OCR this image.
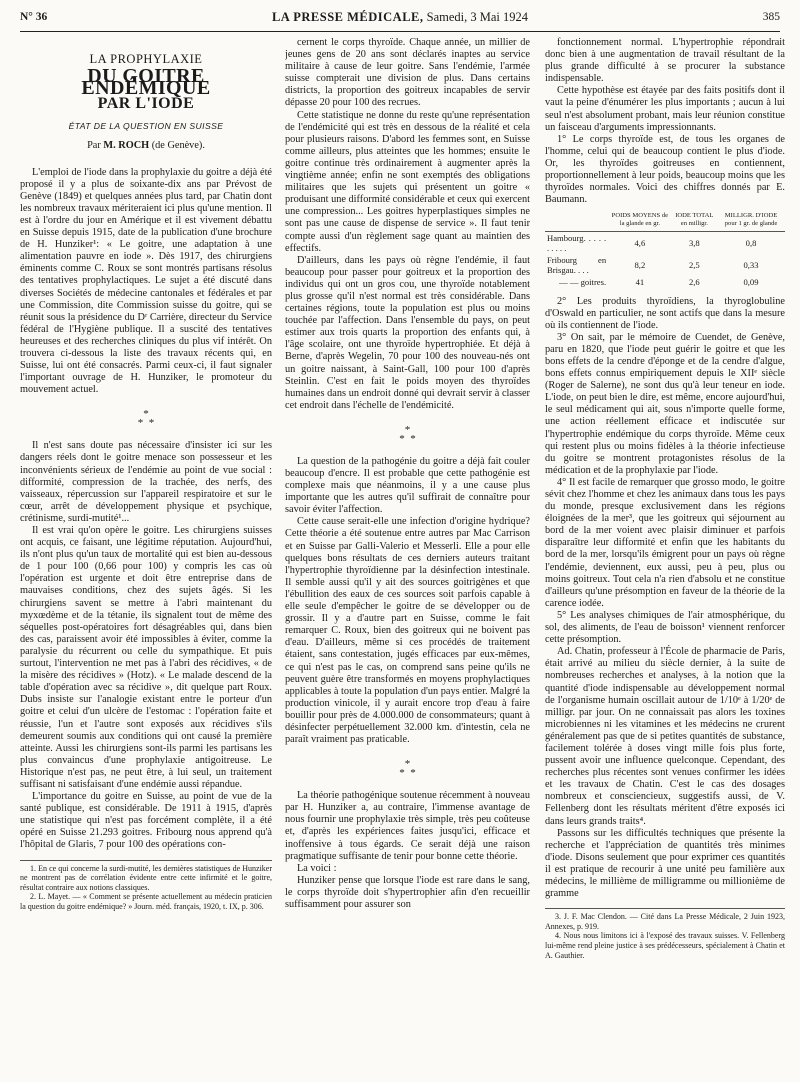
N° 36	LA PRESSE MÉDICALE, Samedi, 3 Mai 1924	385
LA PROPHYLAXIE
DU GOITRE ENDÉMIQUE
PAR L'IODE
ÉTAT DE LA QUESTION EN SUISSE
Par M. ROCH (de Genève).

L'emploi de l'iode dans la prophylaxie du goitre a déjà été proposé il y a plus de soixante-dix ans par Prévost de Genève (1849) et quelques années plus tard, par Chatin dont les nombreux travaux mériteraient ici plus qu'une mention. Il est à l'ordre du jour en Amérique et il est vivement débattu en Suisse depuis 1915, date de la publication d'une brochure de H. Hunziker¹: « Le goitre, une adaptation à une alimentation pauvre en iode ». Dès 1917, des chirurgiens éminents comme C. Roux se sont montrés partisans résolus des tentatives prophylactiques. Le sujet a été discuté dans diverses Sociétés de médecine cantonales et fédérales et par une Commission, dite Commission suisse du goitre, qui se réunit sous la présidence du Dʳ Carrière, directeur du Service fédéral de l'Hygiène publique. Il a suscité des tentatives heureuses et des recherches cliniques du plus vif intérêt. On trouvera ci-dessous la liste des travaux récents qui, en Suisse, lui ont été consacrés. Parmi ceux-ci, il faut signaler l'important ouvrage de H. Hunziker, le promoteur du mouvement actuel.

*
* *

Il n'est sans doute pas nécessaire d'insister ici sur les dangers réels dont le goitre menace son possesseur et les inconvénients sérieux de l'endémie au point de vue social : difformité, compression de la trachée, des nerfs, des vaisseaux, répercussion sur l'appareil respiratoire et sur le cœur, arrêt de développement physique et psychique, crétinisme, surdi-mutité¹...

Il est vrai qu'on opère le goitre. Les chirurgiens suisses ont acquis, ce faisant, une légitime réputation. Aujourd'hui, ils n'ont plus qu'un taux de mortalité qui est bien au-dessous de 1 pour 100 (0,66 pour 100) y compris les cas où l'opération est urgente et doit être entreprise dans de mauvaises conditions, chez des sujets âgés. Si les chirurgiens savent se mettre à l'abri maintenant du myxœdème et de la tétanie, ils signalent tout de même des séquelles post-opératoires fort désagréables qui, dans bien des cas, paraissent avoir été impossibles à éviter, comme la paralysie du récurrent ou celle du sympathique. Et puis surtout, l'intervention ne met pas à l'abri des récidives, « de la misère des récidives » (Hotz). « Le malade descend de la table d'opération avec sa récidive », dit quelque part Roux. Dubs insiste sur l'analogie existant entre le porteur d'un goitre et celui d'un ulcère de l'estomac : l'opération faite et réussie, l'un et l'autre sont exposés aux récidives s'ils demeurent soumis aux conditions qui ont causé la première atteinte. Aussi les chirurgiens sont-ils parmi les partisans les plus convaincus d'une prophylaxie antigoitreuse. Le Historique n'est pas, ne peut être, à lui seul, un traitement suffisant ni satisfaisant d'une endémie aussi répandue.

L'importance du goitre en Suisse, au point de vue de la santé publique, est considérable. De 1911 à 1915, d'après une statistique qui n'est pas forcément complète, il a été opéré en Suisse 21.293 goitres. Fribourg nous apprend qu'à l'hôpital de Glaris, 7 pour 100 des opérations con-

1. En ce qui concerne la surdi-mutité, les dernières statistiques de Hunziker ne montrent pas de corrélation évidente entre cette infirmité et le goitre, résultat contraire aux notions classiques.

2. L. Mayet. — « Comment se présente actuellement au médecin praticien la question du goitre endémique? » Journ. méd. français, 1920, t. IX, p. 306.

cernent le corps thyroïde. Chaque année, un millier de jeunes gens de 20 ans sont déclarés inaptes au service militaire à cause de leur goitre. Sans l'endémie, l'armée suisse compterait une division de plus. Dans certains districts, la proportion des goitreux incapables de servir dépasse 20 pour 100 des recrues.

Cette statistique ne donne du reste qu'une représentation de l'endémicité qui est très en dessous de la réalité et cela pour plusieurs raisons. D'abord les femmes sont, en Suisse comme ailleurs, plus atteintes que les hommes; ensuite le goitre continue très ordinairement à augmenter après la vingtième année; enfin ne sont exemptés des obligations militaires que les sujets qui présentent un goitre « produisant une difformité considérable et ceux qui exercent une compression... Les goitres hyperplastiques simples ne sont pas une cause de dispense de service ». Il faut tenir compte aussi d'un règlement sage quant au maintien des effectifs.

D'ailleurs, dans les pays où règne l'endémie, il faut beaucoup pour passer pour goitreux et la proportion des individus qui ont un gros cou, une thyroïde notablement plus grosse qu'il n'est normal est très considérable. Dans certaines régions, toute la population est plus ou moins touchée par l'affection. Dans l'ensemble du pays, on peut estimer aux trois quarts la proportion des enfants qui, à l'âge scolaire, ont une thyroïde hypertrophiée. Et déjà à Berne, d'après Wegelin, 70 pour 100 des nouveau-nés ont un goitre naissant, à Saint-Gall, 100 pour 100 d'après Steinlin. C'est en fait le poids moyen des thyroïdes humaines dans un endroit donné qui devrait servir à classer cet endroit dans l'échelle de l'endémicité.

*
* *

La question de la pathogénie du goitre a déjà fait couler beaucoup d'encre. Il est probable que cette pathogénie est complexe mais que néanmoins, il y a une cause plus importante que les autres qu'il suffirait de connaître pour savoir éviter l'affection.

Cette cause serait-elle une infection d'origine hydrique? Cette théorie a été soutenue entre autres par Mac Carrison et en Suisse par Galli-Valerio et Messerli. Elle a pour elle quelques bons résultats de ces derniers auteurs traitant l'hypertrophie thyroïdienne par la désinfection intestinale. Il semble aussi qu'il y ait des sources goitrigènes et que l'ébullition des eaux de ces sources soit parfois capable à elle seule d'empêcher le goitre de se développer ou de grossir. Il y a d'autre part en Suisse, comme le fait remarquer C. Roux, bien des goitreux qui ne boivent pas d'eau. D'ailleurs, même si ces procédés de traitement étaient, sans contestation, jugés efficaces par eux-mêmes, ce qui n'est pas le cas, on comprend sans peine qu'ils ne peuvent guère être transformés en moyens prophylactiques applicables à toute la population d'un pays entier. Malgré la production vinicole, il y aurait encore trop d'eau à faire bouillir pour près de 4.000.000 de consommateurs; quant à désinfecter perpétuellement 32.000 km. d'intestin, cela ne paraît vraiment pas praticable.

*
* *

La théorie pathogénique soutenue récemment à nouveau par H. Hunziker a, au contraire, l'immense avantage de nous fournir une prophylaxie très simple, très peu coûteuse et, d'après les expériences faites jusqu'ici, efficace et inoffensive à tous égards. Ce serait déjà une raison pragmatique suffisante de tenir pour bonne cette théorie.

La voici :

Hunziker pense que lorsque l'iode est rare dans le sang, le corps thyroïde doit s'hypertrophier afin d'en recueillir suffisamment pour assurer son

fonctionnement normal. L'hypertrophie répondrait donc bien à une augmentation de travail résultant de la plus grande difficulté à se procurer la substance indispensable.

Cette hypothèse est étayée par des faits positifs dont il vaut la peine d'énumérer les plus importants ; aucun à lui seul n'est absolument probant, mais leur réunion constitue un faisceau d'arguments impressionnants.

1° Le corps thyroïde est, de tous les organes de l'homme, celui qui de beaucoup contient le plus d'iode. Or, les thyroïdes goitreuses en contiennent, proportionnellement à leur poids, beaucoup moins que les thyroïdes normales. Voici des chiffres donnés par E. Baumann.

	POIDS MOYENS de la glande en gr.	IODE TOTAL en milligr.	MILLIGR. D'IODE pour 1 gr. de glande
Hambourg. . . . . . . . . .	4,6	3,8	0,8
Fribourg en Brisgau. . . .	8,2	2,5	0,33
— — goitres.	41	2,6	0,09

2° Les produits thyroïdiens, la thyroglobuline d'Oswald en particulier, ne sont actifs que dans la mesure où ils contiennent de l'iode.

3° On sait, par le mémoire de Cuendet, de Genève, paru en 1820, que l'iode peut guérir le goitre et que les bons effets de la cendre d'éponge et de la cendre d'algue, bons effets connus empiriquement depuis le XIIᵉ siècle (Roger de Salerne), ne sont dus qu'à leur teneur en iode. L'iode, on peut bien le dire, est même, encore aujourd'hui, le seul médicament qui ait, sous n'importe quelle forme, une action réellement efficace et indiscutée sur l'hypertrophie endémique du corps thyroïde. Même ceux qui restent plus ou moins fidèles à la théorie infectieuse du goitre se montrent protagonistes résolus de la médication et de la prophylaxie par l'iode.

4° Il est facile de remarquer que grosso modo, le goitre sévit chez l'homme et chez les animaux dans tous les pays du monde, presque exclusivement dans les régions éloignées de la mer³, que les goitreux qui séjournent au bord de la mer voient avec plaisir diminuer et parfois disparaître leur difformité et enfin que les habitants du bord de la mer, lorsqu'ils émigrent pour un pays où règne l'endémie, deviennent, eux aussi, peu à peu, plus ou moins goitreux. Tout cela n'a rien d'absolu et ne constitue d'ailleurs qu'une présomption en faveur de la théorie de la carence iodée.

5° Les analyses chimiques de l'air atmosphérique, du sol, des aliments, de l'eau de boisson¹ viennent renforcer cette présomption.

Ad. Chatin, professeur à l'École de pharmacie de Paris, était arrivé au milieu du siècle dernier, à la suite de nombreuses recherches et analyses, à la notion que la quantité d'iode indispensable au développement normal de l'organisme humain oscillait autour de 1/10ᵉ à 1/20ᵉ de milligr. par jour. On ne connaissait pas alors les toxines microbiennes ni les vitamines et les médecins ne crurent généralement pas que de si petites quantités de substance, facilement tolérée à doses vingt mille fois plus forte, pussent avoir une influence quelconque. Cependant, des recherches plus récentes sont venues confirmer les idées et les travaux de Chatin. C'est le cas des dosages nombreux et consciencieux, suggestifs aussi, de V. Fellenberg dont les résultats méritent d'être exposés ici dans leurs grands traits⁴.

Passons sur les difficultés techniques que présente la recherche et l'appréciation de quantités très minimes d'iode. Disons seulement que pour exprimer ces quantités il est pratique de recourir à une unité peu familière aux médecins, le millième de milligramme ou millionième de gramme

3. J. F. Mac Clendon. — Cité dans La Presse Médicale, 2 Juin 1923, Annexes, p. 919.

4. Nous nous limitons ici à l'exposé des travaux suisses. V. Fellenberg lui-même rend pleine justice à ses prédécesseurs, spécialement à Chatin et A. Gauthier.
